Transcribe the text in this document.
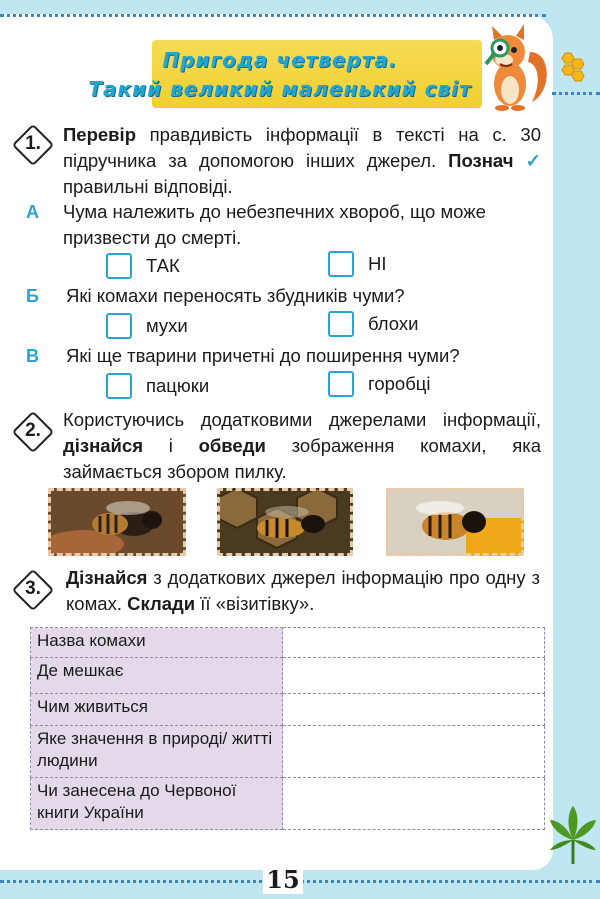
Пригода четверта.
Такий великий маленький світ
1.	Перевір правдивість інформації в тексті на с. 30 підручника за допомогою інших джерел. Познач ✓ правильні відповіді.
А Чума належить до небезпечних хвороб, що може призвести до смерті.
ТАК	НІ
Б Які комахи переносять збудників чуми?
мухи	блохи
В Які ще тварини причетні до поширення чуми?
пацюки	горобці
2.
Користуючись додатковими джерелами інформації, дізнайся і обведи зображення комахи, яка займається збором пилку.
3.
Дізнайся з додаткових джерел інформацію про одну з комах. Склади її «візитівку».
Назва комахи	
Де мешкає	
Чим живиться	
Яке значення в природі/ житті людини	
Чи занесена до Червоної книги України	
15
